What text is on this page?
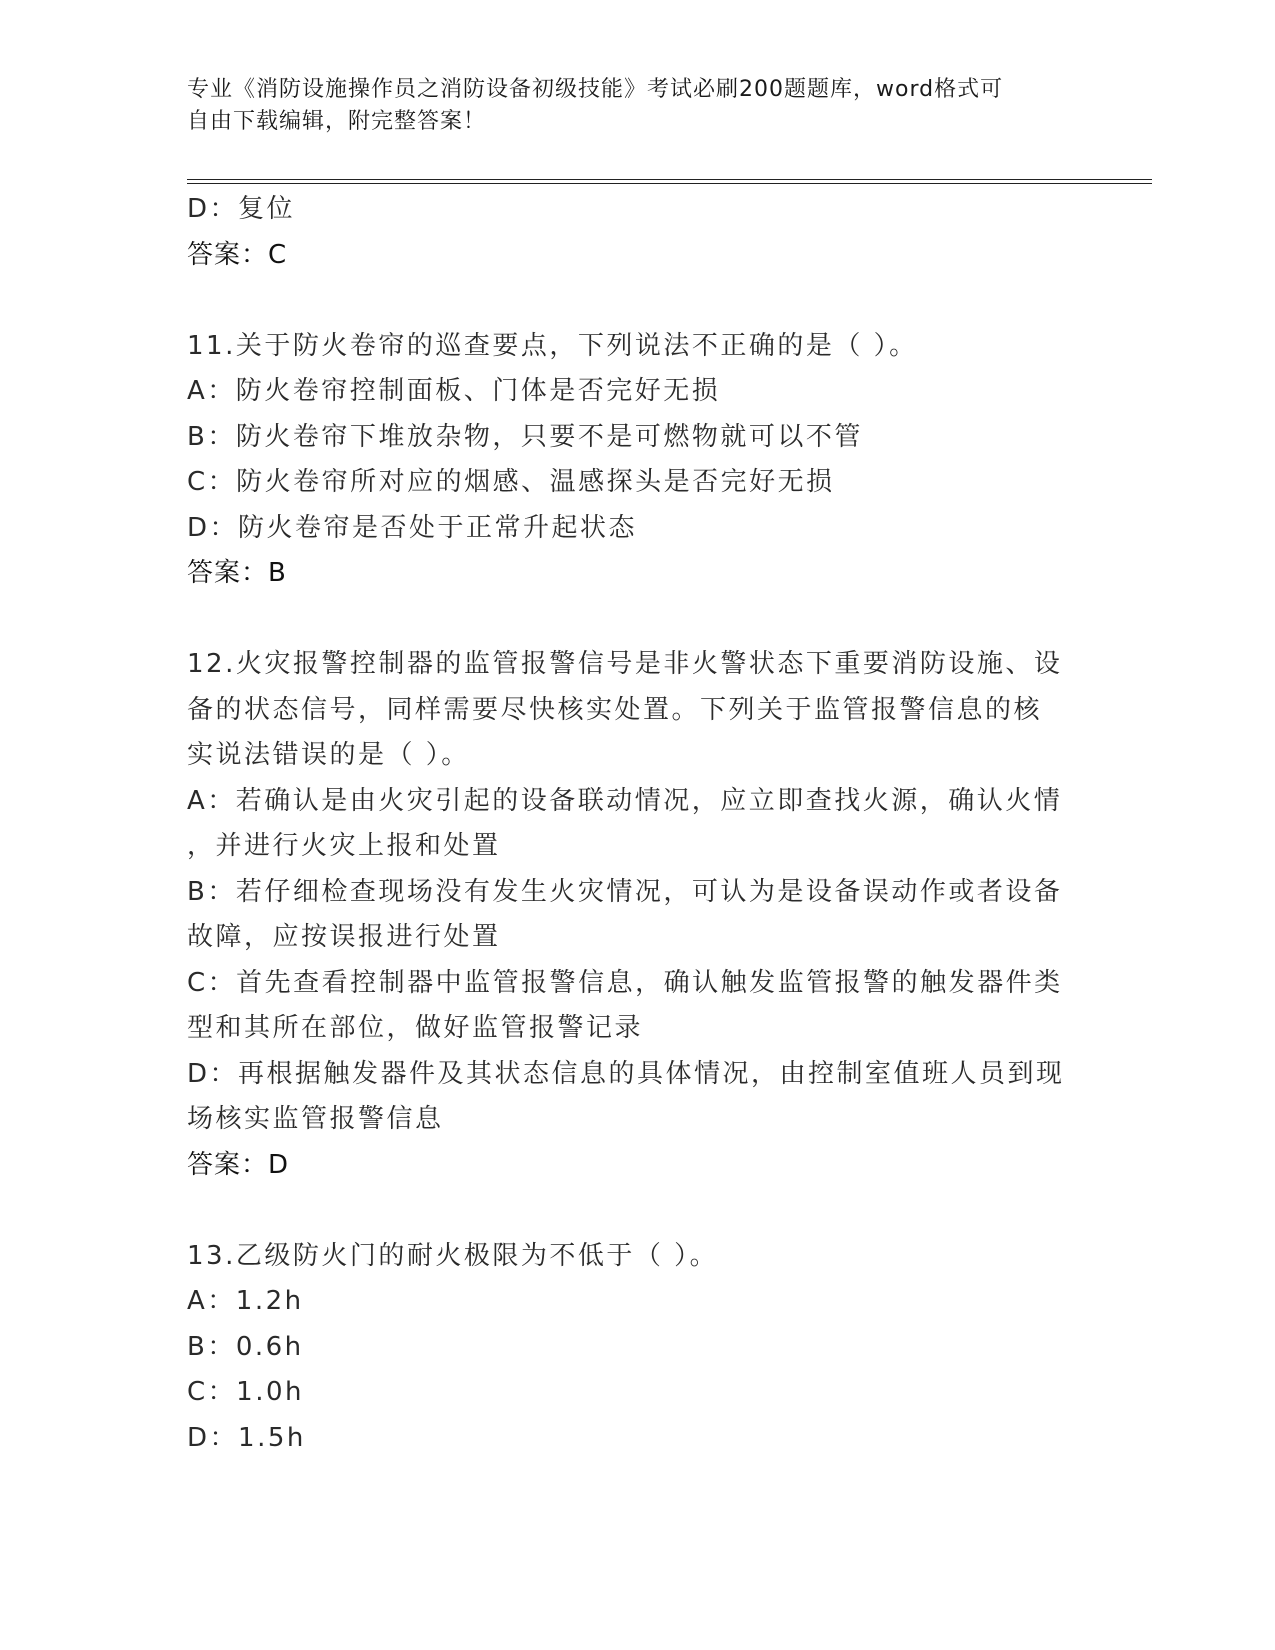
专业《消防设施操作员之消防设备初级技能》考试必刷200题题库，word格式可
自由下载编辑，附完整答案！
D：复位
答案：C
11.关于防火卷帘的巡查要点，下列说法不正确的是（ ）。
A：防火卷帘控制面板、门体是否完好无损
B：防火卷帘下堆放杂物，只要不是可燃物就可以不管
C：防火卷帘所对应的烟感、温感探头是否完好无损
D：防火卷帘是否处于正常升起状态
答案：B
12.火灾报警控制器的监管报警信号是非火警状态下重要消防设施、设
备的状态信号，同样需要尽快核实处置。下列关于监管报警信息的核
实说法错误的是（ ）。
A：若确认是由火灾引起的设备联动情况，应立即查找火源，确认火情
，并进行火灾上报和处置
B：若仔细检查现场没有发生火灾情况，可认为是设备误动作或者设备
故障，应按误报进行处置
C：首先查看控制器中监管报警信息，确认触发监管报警的触发器件类
型和其所在部位，做好监管报警记录
D：再根据触发器件及其状态信息的具体情况，由控制室值班人员到现
场核实监管报警信息
答案：D
13.乙级防火门的耐火极限为不低于（ ）。
A：1.2h
B：0.6h
C：1.0h
D：1.5h
